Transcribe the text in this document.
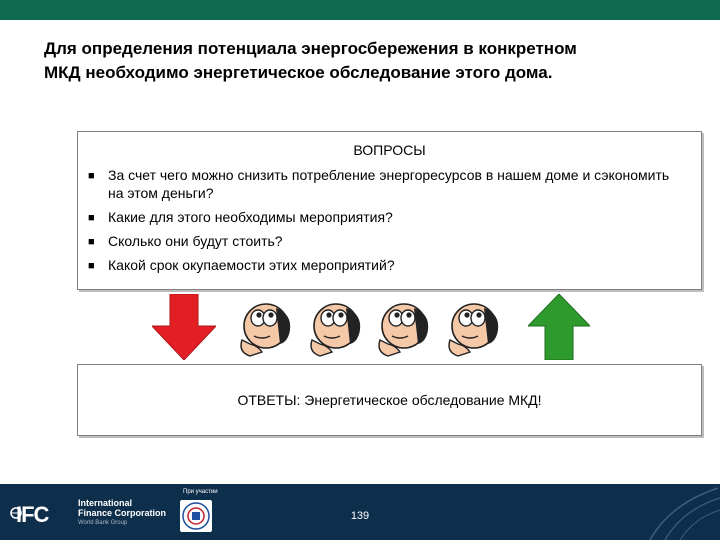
Для определения потенциала энергосбережения в конкретном
МКД необходимо энергетическое обследование этого дома.
ВОПРОСЫ
■ За счет чего можно снизить потребление энергоресурсов в нашем доме и сэкономить на этом деньги?
■ Какие для этого необходимы мероприятия?
■ Сколько они будут стоить?
■ Какой срок окупаемости этих мероприятий?
ОТВЕТЫ: Энергетическое обследование МКД!
IFC	International
Finance Corporation
World Bank Group
При участии
139
